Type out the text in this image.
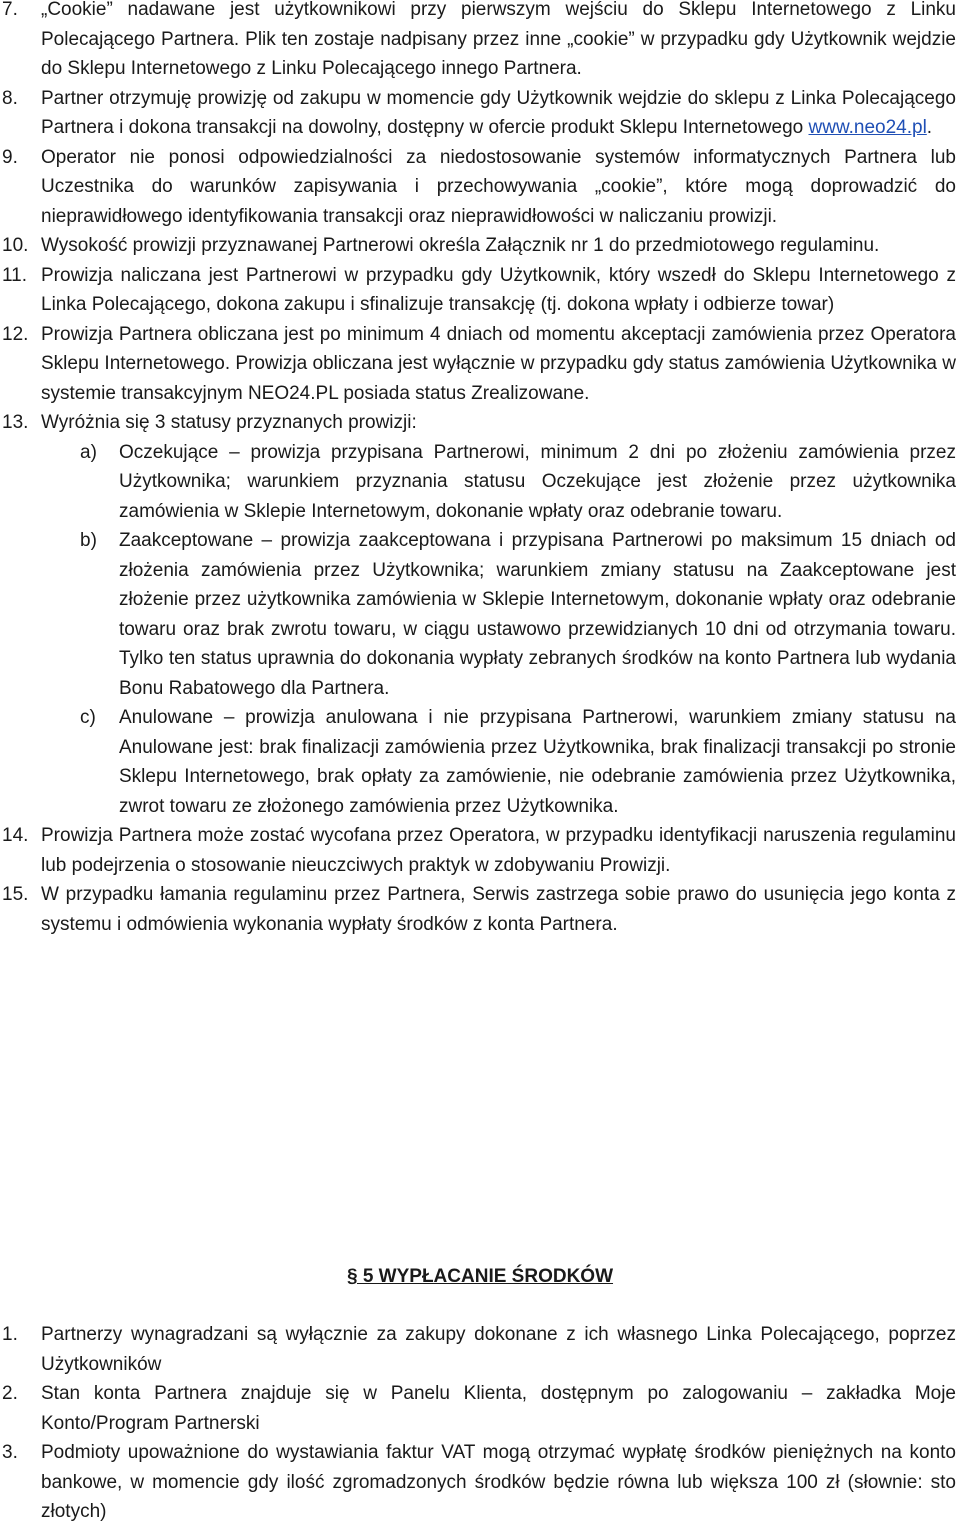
7. „Cookie” nadawane jest użytkownikowi przy pierwszym wejściu do Sklepu Internetowego z Linku Polecającego Partnera. Plik ten zostaje nadpisany przez inne „cookie” w przypadku gdy Użytkownik wejdzie do Sklepu Internetowego z Linku Polecającego innego Partnera.
8. Partner otrzymuję prowizję od zakupu w momencie gdy Użytkownik wejdzie do sklepu z Linka Polecającego Partnera i dokona transakcji na dowolny, dostępny w ofercie produkt Sklepu Internetowego www.neo24.pl.
9. Operator nie ponosi odpowiedzialności za niedostosowanie systemów informatycznych Partnera lub Uczestnika do warunków zapisywania i przechowywania „cookie”, które mogą doprowadzić do nieprawidłowego identyfikowania transakcji oraz nieprawidłowości w naliczaniu prowizji.
10. Wysokość prowizji przyznawanej Partnerowi określa Załącznik nr 1 do przedmiotowego regulaminu.
11. Prowizja naliczana jest Partnerowi w przypadku gdy Użytkownik, który wszedł do Sklepu Internetowego z Linka Polecającego, dokona zakupu i sfinalizuje transakcję (tj. dokona wpłaty i odbierze towar)
12. Prowizja Partnera obliczana jest po minimum 4 dniach od momentu akceptacji zamówienia przez Operatora Sklepu Internetowego. Prowizja obliczana jest wyłącznie w przypadku gdy status zamówienia Użytkownika w systemie transakcyjnym NEO24.PL posiada status Zrealizowane.
13. Wyróżnia się 3 statusy przyznanych prowizji:
a)	Oczekujące – prowizja przypisana Partnerowi, minimum 2 dni po złożeniu zamówienia przez Użytkownika; warunkiem przyznania statusu Oczekujące jest złożenie przez użytkownika zamówienia w Sklepie Internetowym, dokonanie wpłaty oraz odebranie towaru.
b)	Zaakceptowane – prowizja zaakceptowana i przypisana Partnerowi po maksimum 15 dniach od złożenia zamówienia przez Użytkownika; warunkiem zmiany statusu na Zaakceptowane jest złożenie przez użytkownika zamówienia w Sklepie Internetowym, dokonanie wpłaty oraz odebranie towaru oraz brak zwrotu towaru, w ciągu ustawowo przewidzianych 10 dni od otrzymania towaru. Tylko ten status uprawnia do dokonania wypłaty zebranych środków na konto Partnera lub wydania Bonu Rabatowego dla Partnera.
c)	Anulowane – prowizja anulowana i nie przypisana Partnerowi, warunkiem zmiany statusu na Anulowane jest: brak finalizacji zamówienia przez Użytkownika, brak finalizacji transakcji po stronie Sklepu Internetowego, brak opłaty za zamówienie, nie odebranie zamówienia przez Użytkownika, zwrot towaru ze złożonego zamówienia przez Użytkownika.
14. Prowizja Partnera może zostać wycofana przez Operatora, w przypadku identyfikacji naruszenia regulaminu lub podejrzenia o stosowanie nieuczciwych praktyk w zdobywaniu Prowizji.
15. W przypadku łamania regulaminu przez Partnera, Serwis zastrzega sobie prawo do usunięcia jego konta z systemu i odmówienia wykonania wypłaty środków z konta Partnera.
§ 5 WYPŁACANIE ŚRODKÓW
1. Partnerzy wynagradzani są wyłącznie za zakupy dokonane z ich własnego Linka Polecającego, poprzez Użytkowników
2. Stan konta Partnera znajduje się w Panelu Klienta, dostępnym po zalogowaniu – zakładka Moje Konto/Program Partnerski
3. Podmioty upoważnione do wystawiania faktur VAT mogą otrzymać wypłatę środków pieniężnych na konto bankowe, w momencie gdy ilość zgromadzonych środków będzie równa lub większa 100 zł (słownie: sto złotych)
